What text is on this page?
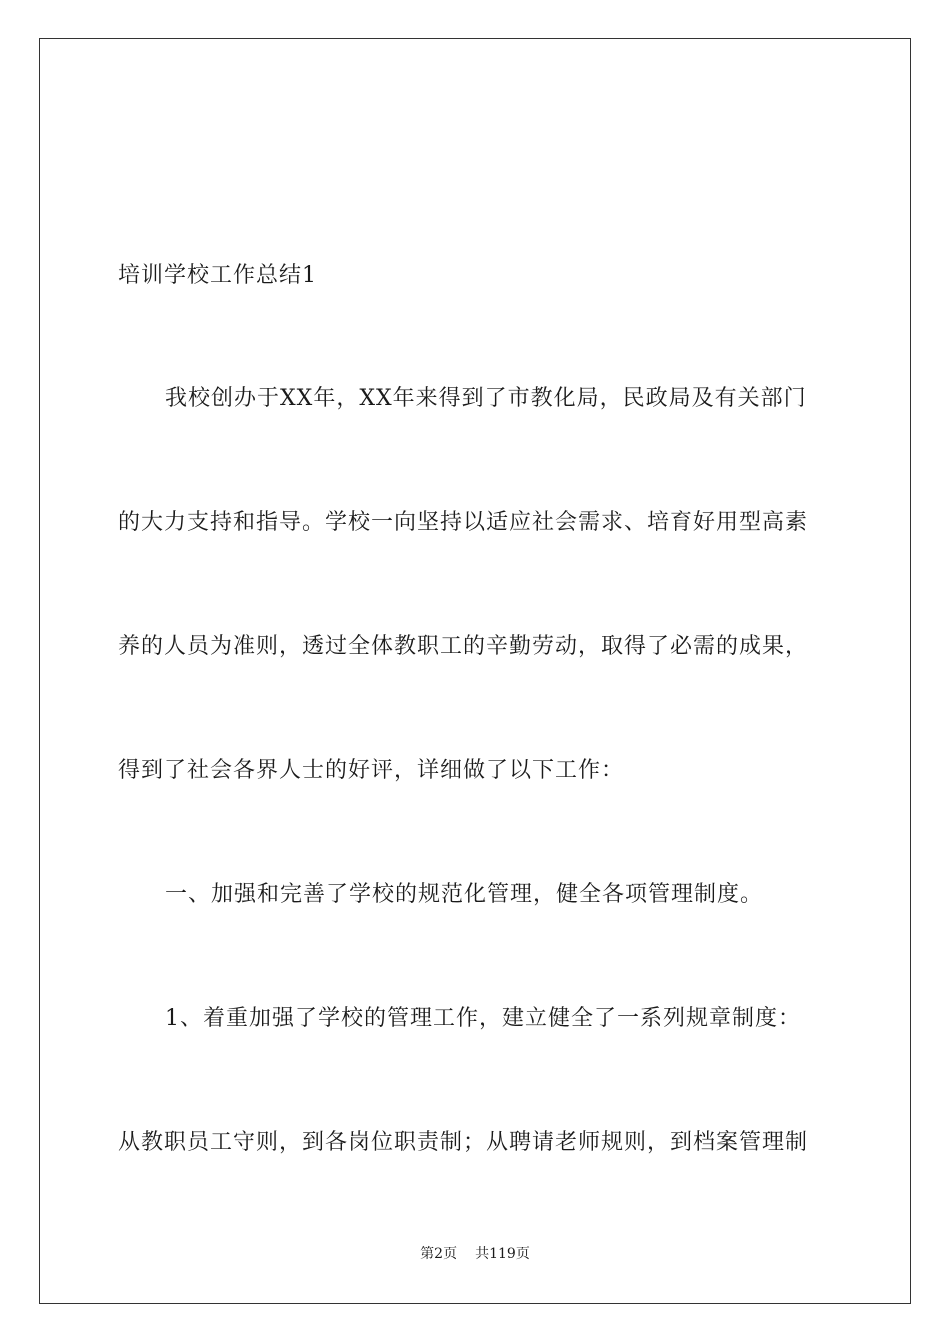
培训学校工作总结1
我校创办于XX年，XX年来得到了市教化局，民政局及有关部门
的大力支持和指导。学校一向坚持以适应社会需求、培育好用型高素
养的人员为准则，透过全体教职工的辛勤劳动，取得了必需的成果，
得到了社会各界人士的好评，详细做了以下工作：
一、加强和完善了学校的规范化管理，健全各项管理制度。
1、着重加强了学校的管理工作，建立健全了一系列规章制度：
从教职员工守则，到各岗位职责制；从聘请老师规则，到档案管理制
第2页 共119页
